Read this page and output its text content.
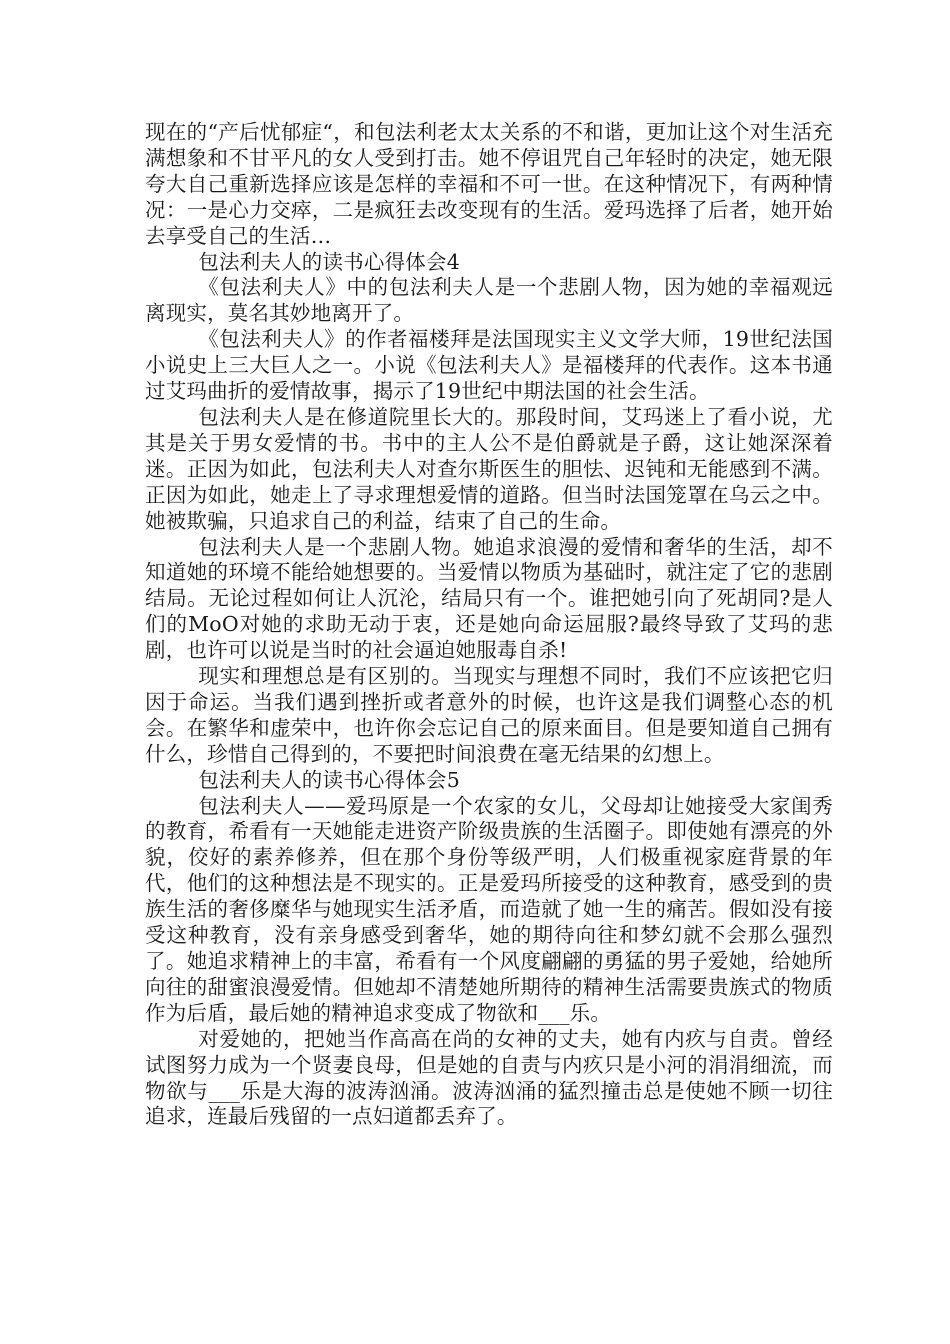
现在的“产后忧郁症“，和包法利老太太关系的不和谐，更加让这个对生活充满想象和不甘平凡的女人受到打击。她不停诅咒自己年轻时的决定，她无限夸大自己重新选择应该是怎样的幸福和不可一世。在这种情况下，有两种情况：一是心力交瘁，二是疯狂去改变现有的生活。爱玛选择了后者，她开始去享受自己的生活…

包法利夫人的读书心得体会4

《包法利夫人》中的包法利夫人是一个悲剧人物，因为她的幸福观远离现实，莫名其妙地离开了。

《包法利夫人》的作者福楼拜是法国现实主义文学大师，19世纪法国小说史上三大巨人之一。小说《包法利夫人》是福楼拜的代表作。这本书通过艾玛曲折的爱情故事，揭示了19世纪中期法国的社会生活。

包法利夫人是在修道院里长大的。那段时间，艾玛迷上了看小说，尤其是关于男女爱情的书。书中的主人公不是伯爵就是子爵，这让她深深着迷。正因为如此，包法利夫人对查尔斯医生的胆怯、迟钝和无能感到不满。正因为如此，她走上了寻求理想爱情的道路。但当时法国笼罩在乌云之中。她被欺骗，只追求自己的利益，结束了自己的生命。

包法利夫人是一个悲剧人物。她追求浪漫的爱情和奢华的生活，却不知道她的环境不能给她想要的。当爱情以物质为基础时，就注定了它的悲剧结局。无论过程如何让人沉沦，结局只有一个。谁把她引向了死胡同?是人们的MoO对她的求助无动于衷，还是她向命运屈服?最终导致了艾玛的悲剧，也许可以说是当时的社会逼迫她服毒自杀!

现实和理想总是有区别的。当现实与理想不同时，我们不应该把它归因于命运。当我们遇到挫折或者意外的时候，也许这是我们调整心态的机会。在繁华和虚荣中，也许你会忘记自己的原来面目。但是要知道自己拥有什么，珍惜自己得到的，不要把时间浪费在毫无结果的幻想上。

包法利夫人的读书心得体会5

包法利夫人——爱玛原是一个农家的女儿，父母却让她接受大家闺秀的教育，希看有一天她能走进资产阶级贵族的生活圈子。即使她有漂亮的外貌，佼好的素养修养，但在那个身份等级严明，人们极重视家庭背景的年代，他们的这种想法是不现实的。正是爱玛所接受的这种教育，感受到的贵族生活的奢侈糜华与她现实生活矛盾，而造就了她一生的痛苦。假如没有接受这种教育，没有亲身感受到奢华，她的期待向往和梦幻就不会那么强烈了。她追求精神上的丰富，希看有一个风度翩翩的勇猛的男子爱她，给她所向往的甜蜜浪漫爱情。但她却不清楚她所期待的精神生活需要贵族式的物质作为后盾，最后她的精神追求变成了物欲和___乐。

对爱她的，把她当作高高在尚的女神的丈夫，她有内疚与自责。曾经试图努力成为一个贤妻良母，但是她的自责与内疚只是小河的涓涓细流，而物欲与___乐是大海的波涛汹涌。波涛汹涌的猛烈撞击总是使她不顾一切往追求，连最后残留的一点妇道都丢弃了。
